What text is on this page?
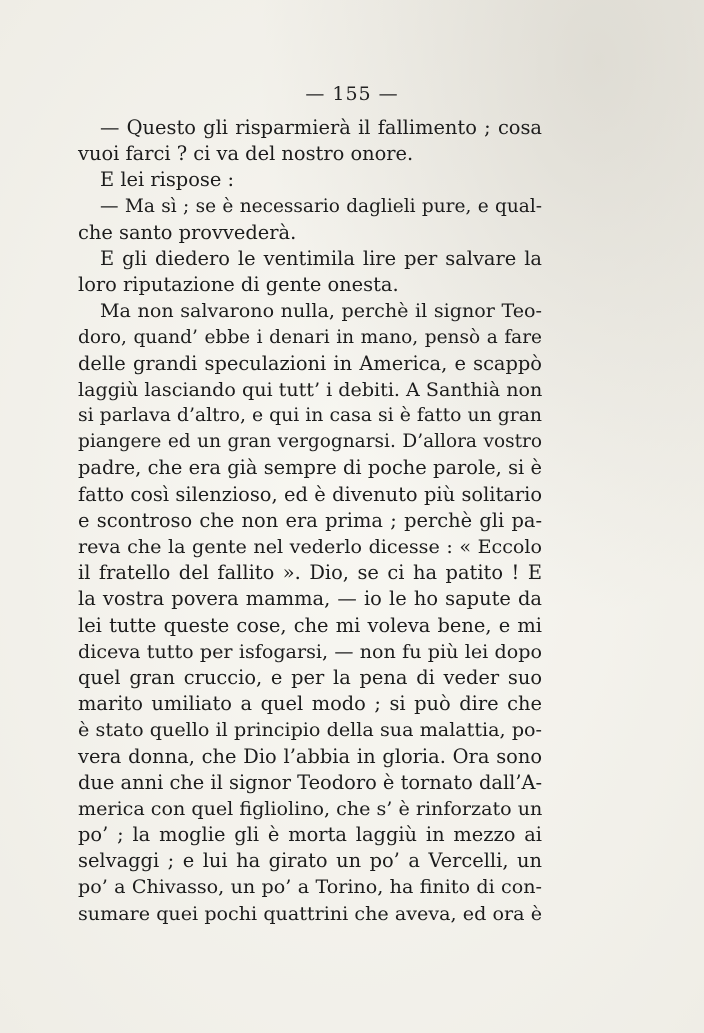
— 155 —
— Questo gli risparmierà il fallimento ; cosa
vuoi farci ? ci va del nostro onore.
E lei rispose :
— Ma sì ; se è necessario daglieli pure, e qual-
che santo provvederà.
E gli diedero le ventimila lire per salvare la
loro riputazione di gente onesta.
Ma non salvarono nulla, perchè il signor Teo-
doro, quand’ ebbe i denari in mano, pensò a fare
delle grandi speculazioni in America, e scappò
laggiù lasciando qui tutt’ i debiti. A Santhià non
si parlava d’altro, e qui in casa si è fatto un gran
piangere ed un gran vergognarsi. D’allora vostro
padre, che era già sempre di poche parole, si è
fatto così silenzioso, ed è divenuto più solitario
e scontroso che non era prima ; perchè gli pa-
reva che la gente nel vederlo dicesse : « Eccolo
il fratello del fallito ». Dio, se ci ha patito ! E
la vostra povera mamma, — io le ho sapute da
lei tutte queste cose, che mi voleva bene, e mi
diceva tutto per isfogarsi, — non fu più lei dopo
quel gran cruccio, e per la pena di veder suo
marito umiliato a quel modo ; si può dire che
è stato quello il principio della sua malattia, po-
vera donna, che Dio l’abbia in gloria. Ora sono
due anni che il signor Teodoro è tornato dall’A-
merica con quel figliolino, che s’ è rinforzato un
po’ ; la moglie gli è morta laggiù in mezzo ai
selvaggi ; e lui ha girato un po’ a Vercelli, un
po’ a Chivasso, un po’ a Torino, ha finito di con-
sumare quei pochi quattrini che aveva, ed ora è
